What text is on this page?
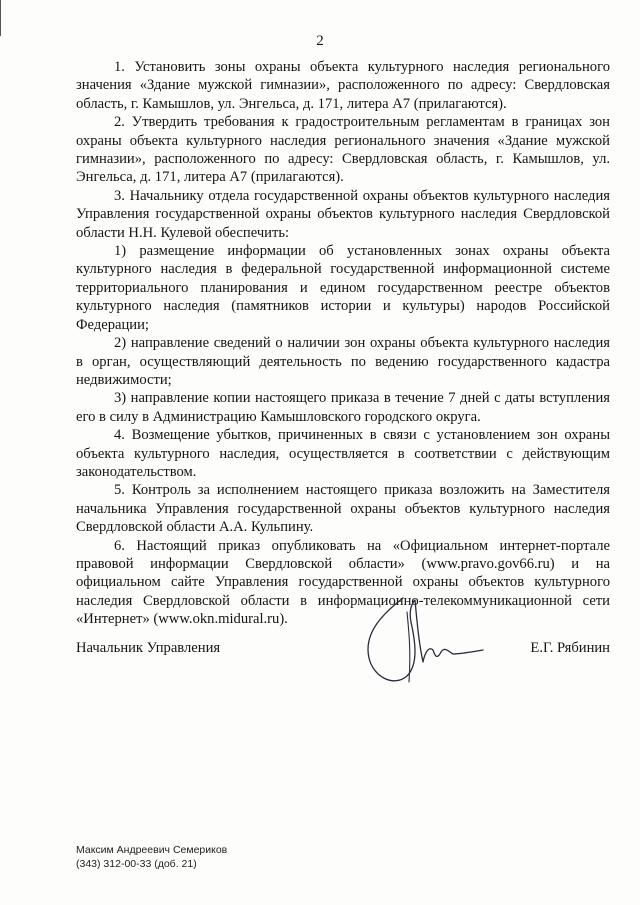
2

1. Установить зоны охраны объекта культурного наследия регионального значения «Здание мужской гимназии», расположенного по адресу: Свердловская область, г. Камышлов, ул. Энгельса, д. 171, литера А7 (прилагаются).

2. Утвердить требования к градостроительным регламентам в границах зон охраны объекта культурного наследия регионального значения «Здание мужской гимназии», расположенного по адресу: Свердловская область, г. Камышлов, ул. Энгельса, д. 171, литера А7 (прилагаются).

3. Начальнику отдела государственной охраны объектов культурного наследия Управления государственной охраны объектов культурного наследия Свердловской области Н.Н. Кулевой обеспечить:

1) размещение информации об установленных зонах охраны объекта культурного наследия в федеральной государственной информационной системе территориального планирования и едином государственном реестре объектов культурного наследия (памятников истории и культуры) народов Российской Федерации;

2) направление сведений о наличии зон охраны объекта культурного наследия в орган, осуществляющий деятельность по ведению государственного кадастра недвижимости;

3) направление копии настоящего приказа в течение 7 дней с даты вступления его в силу в Администрацию Камышловского городского округа.

4. Возмещение убытков, причиненных в связи с установлением зон охраны объекта культурного наследия, осуществляется в соответствии с действующим законодательством.

5. Контроль за исполнением настоящего приказа возложить на Заместителя начальника Управления государственной охраны объектов культурного наследия Свердловской области А.А. Кульпину.

6. Настоящий приказ опубликовать на «Официальном интернет-портале правовой информации Свердловской области» (www.pravo.gov66.ru) и на официальном сайте Управления государственной охраны объектов культурного наследия Свердловской области в информационно-телекоммуникационной сети «Интернет» (www.okn.midural.ru).

Начальник Управления	Е.Г. Рябинин
Максим Андреевич Семериков
(343) 312-00-33 (доб. 21)
